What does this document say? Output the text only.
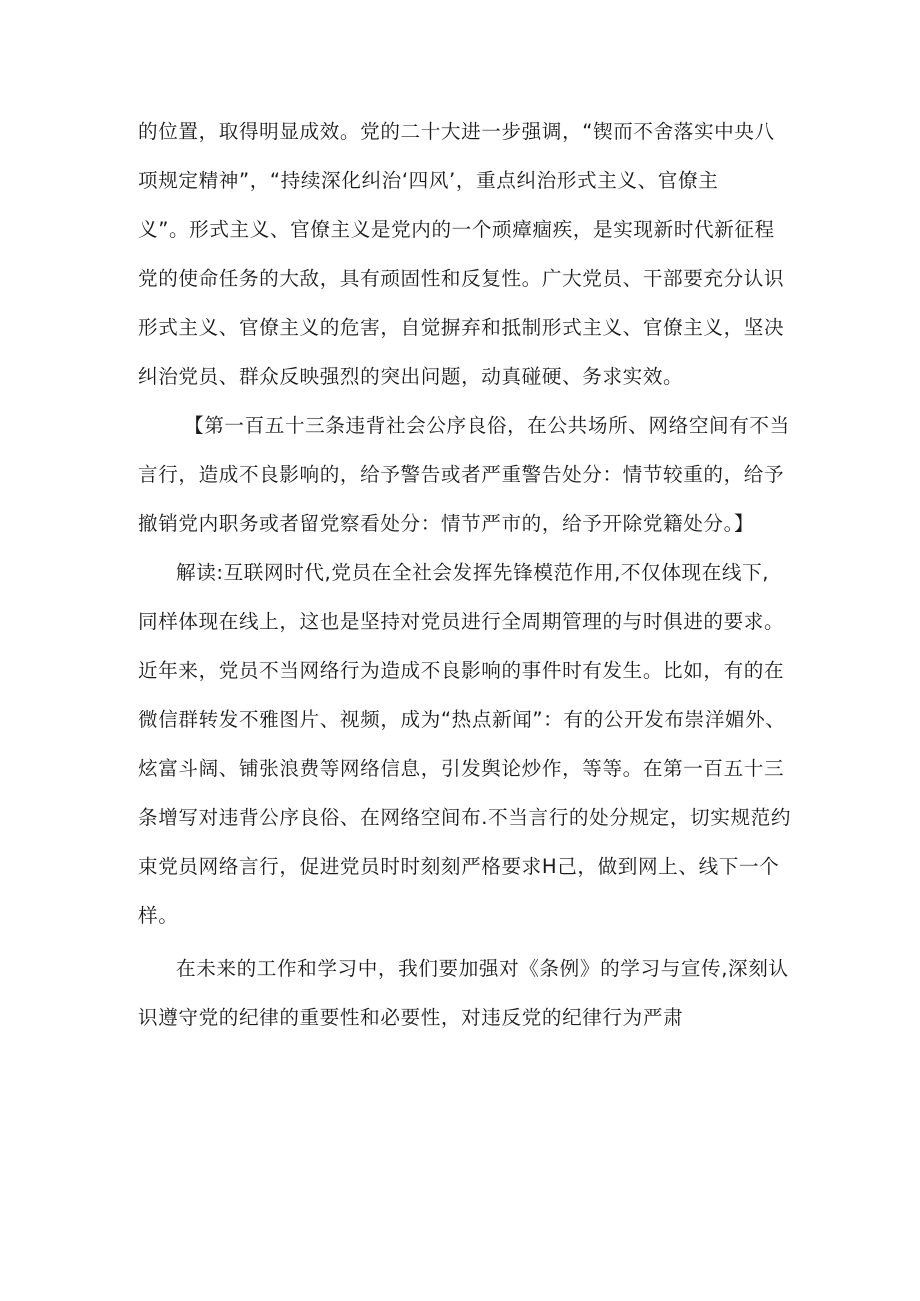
的位置，取得明显成效。党的二十大进一步强调，“锲而不舍落实中央八
项规定精神”，“持续深化纠治‘四风’，重点纠治形式主义、官僚主
义”。形式主义、官僚主义是党内的一个顽瘴痼疾，是实现新时代新征程
党的使命任务的大敌，具有顽固性和反复性。广大党员、干部要充分认识
形式主义、官僚主义的危害，自觉摒弃和抵制形式主义、官僚主义，坚决
纠治党员、群众反映强烈的突出问题，动真碰硬、务求实效。
【第一百五十三条违背社会公序良俗，在公共场所、网络空间有不当
言行，造成不良影响的，给予警告或者严重警告处分：情节较重的，给予
撤销党内职务或者留党察看处分：情节严市的，给予开除党籍处分。】
解读:互联网时代,党员在全社会发挥先锋模范作用,不仅体现在线下,
同样体现在线上，这也是坚持对党员进行全周期管理的与时俱进的要求。
近年来，党员不当网络行为造成不良影响的事件时有发生。比如，有的在
微信群转发不雅图片、视频，成为“热点新闻”：有的公开发布崇洋媚外、
炫富斗阔、铺张浪费等网络信息，引发舆论炒作，等等。在第一百五十三
条增写对违背公序良俗、在网络空间布.不当言行的处分规定，切实规范约
束党员网络言行，促进党员时时刻刻严格要求H己，做到网上、线下一个
样。
在未来的工作和学习中，我们要加强对《条例》的学习与宣传,深刻认
识遵守党的纪律的重要性和必要性，对违反党的纪律行为严肃
